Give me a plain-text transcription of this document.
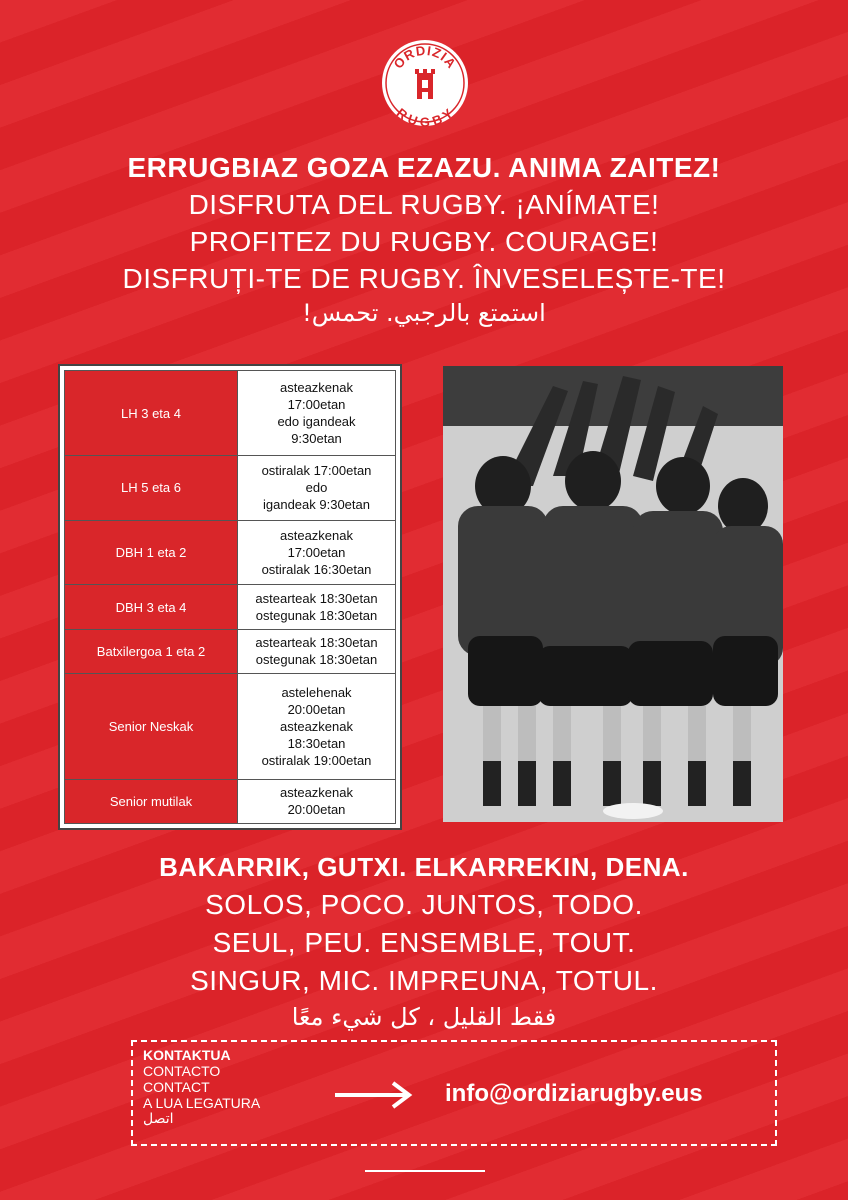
ORDIZIA
RUGBY
ERRUGBIAZ GOZA EZAZU. ANIMA ZAITEZ!
DISFRUTA DEL RUGBY. ¡ANÍMATE!
PROFITEZ DU RUGBY. COURAGE!
DISFRUȚI-TE DE RUGBY. ÎNVESELEȘTE-TE!
استمتع بالرجبي. تحمس!
LH 3 eta 4	asteazkenak
17:00etan
edo igandeak
9:30etan
LH 5 eta 6	ostiralak 17:00etan
edo
igandeak 9:30etan
DBH 1 eta 2	asteazkenak
17:00etan
ostiralak 16:30etan
DBH 3 eta 4	astearteak 18:30etan
ostegunak 18:30etan
Batxilergoa 1 eta 2	astearteak 18:30etan
ostegunak 18:30etan
Senior Neskak	astelehenak
20:00etan
asteazkenak
18:30etan
ostiralak 19:00etan
Senior mutilak	asteazkenak
20:00etan
BAKARRIK, GUTXI. ELKARREKIN, DENA.
SOLOS, POCO. JUNTOS, TODO.
SEUL, PEU. ENSEMBLE, TOUT.
SINGUR, MIC. IMPREUNA, TOTUL.
فقط القليل ، كل شيء معًا
KONTAKTUA
CONTACTO
CONTACT
A LUA LEGATURA
اتصل
info@ordiziarugby.eus
